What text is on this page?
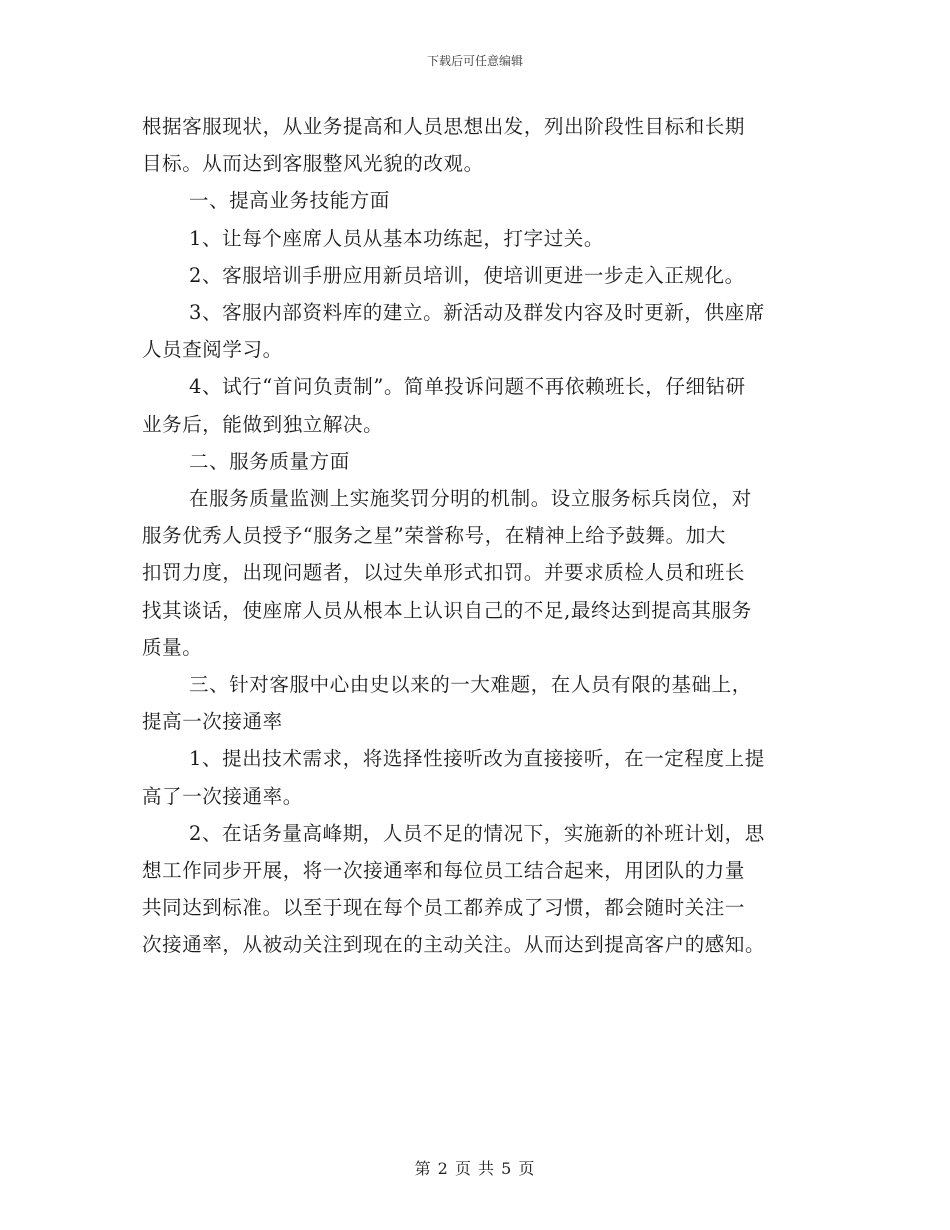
下载后可任意编辑

根据客服现状，从业务提高和人员思想出发，列出阶段性目标和长期

目标。从而达到客服整风光貌的改观。

一、提高业务技能方面

1、让每个座席人员从基本功练起，打字过关。

2、客服培训手册应用新员培训，使培训更进一步走入正规化。

3、客服内部资料库的建立。新活动及群发内容及时更新，供座席

人员查阅学习。

4、试行“首问负责制”。简单投诉问题不再依赖班长，仔细钻研

业务后，能做到独立解决。

二、服务质量方面

在服务质量监测上实施奖罚分明的机制。设立服务标兵岗位，对

服务优秀人员授予“服务之星”荣誉称号，在精神上给予鼓舞。加大

扣罚力度，出现问题者，以过失单形式扣罚。并要求质检人员和班长

找其谈话，使座席人员从根本上认识自己的不足,最终达到提高其服务

质量。

三、针对客服中心由史以来的一大难题，在人员有限的基础上，

提高一次接通率

1、提出技术需求，将选择性接听改为直接接听，在一定程度上提

高了一次接通率。

2、在话务量高峰期，人员不足的情况下，实施新的补班计划，思

想工作同步开展，将一次接通率和每位员工结合起来，用团队的力量

共同达到标准。以至于现在每个员工都养成了习惯，都会随时关注一

次接通率，从被动关注到现在的主动关注。从而达到提高客户的感知。

第 2 页 共 5 页
